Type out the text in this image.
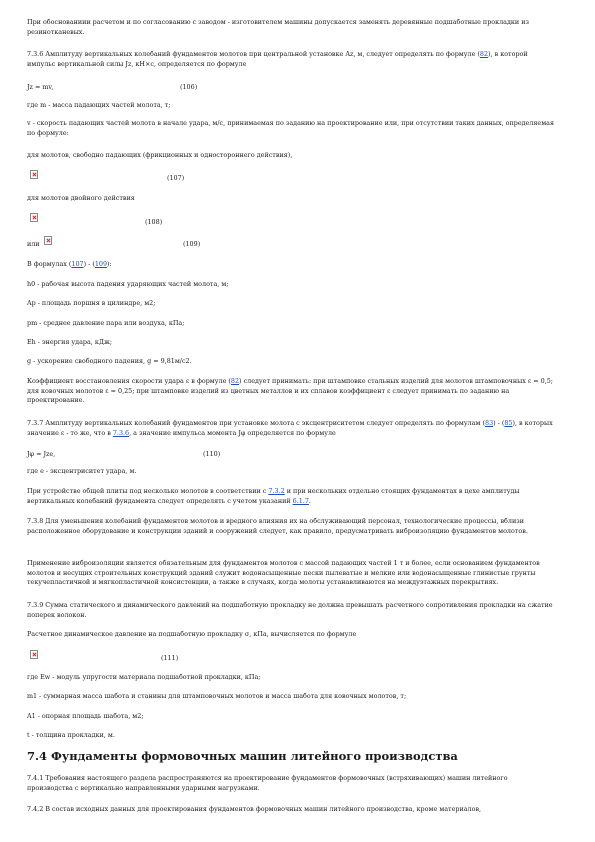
При обоснованиии расчетом и по согласованию с заводом - изготовителем машины допускается заменять деревянные подшаботные прокладки из резинотканевых.

7.3.6 Амплитуду вертикальных колебаний фундаментов молотов при центральной установке Az, м, следует определять по формуле (82), в которой импульс вертикальной силы Jz, кН×с, определяется по формуле

Jz = mv,	(106)

где m - масса падающих частей молота, т;

v - скорость падающих частей молота в начале удара, м/с, принимаемая по заданию на проектирование или, при отсутствии таких данных, определяемая по формуле:

для молотов, свободно падающих (фрикционных и одностороннего действия),

(107)

для молотов двойного действия

(108)

или	(109)

В формулах (107) - (109):

h0 - рабочая высота падения ударяющих частей молота, м;

Ap - площадь поршня в цилиндре, м2;

pm - среднее давление пара или воздуха, кПа;

Eh - энергия удара, кДж;

g - ускорение свободного падения, g = 9,81м/с2.

Коэффициент восстановления скорости удара ε в формуле (82) следует принимать: при штамповке стальных изделий для молотов штамповочных ε = 0,5; для ковочных молотов ε = 0,25; при штамповке изделий из цветных металлов и их сплавов коэффициент ε следует принимать по заданию на проектирование.

7.3.7 Амплитуду вертикальных колебаний фундаментов при установке молота с эксцентриситетом следует определять по формулам (83) - (85), в которых значение ε - то же, что в 7.3.6, а значение импульса момента Jφ определяется по формуле

Jφ = Jze,	(110)

где e - эксцентриситет удара, м.

При устройстве общей плиты под несколько молотов в соответствии с 7.3.2 и при нескольких отдельно стоящих фундаментах в цехе амплитуды вертикальных колебаний фундамента следует определять с учетом указаний 6.1.7.

7.3.8 Для уменьшения колебаний фундаментов молотов и вредного влияния их на обслуживающий персонал, технологические процессы, вблизи расположенное оборудование и конструкции зданий и сооружений следует, как правило, предусматривать виброизоляцию фундаментов молотов.

Применение виброизоляции является обязательным для фундаментов молотов с массой падающих частей 1 т и более, если основанием фундаментов молотов и несущих строительных конструкций зданий служит водонасыщенные пески пылеватые и мелкие или водонасыщенные глинистые грунты текучепластичной и мягкопластичной консистенции, а также в случаях, когда молоты устанавливаются на междуэтажных перекрытиях.

7.3.9 Сумма статического и динамического давлений на подшаботную прокладку не должна превышать расчетного сопротивления прокладки на сжатие поперек волокон.

Расчетное динамическое давление на подшаботную прокладку σ, кПа, вычисляется по формуле

(111)

где Ew - модуль упругости материала подшаботной прокладки, кПа;

m1 - суммарная масса шабота и станины для штамповочных молотов и масса шабота для ковочных молотов, т;

A1 - опорная площадь шабота, м2;

t - толщина прокладки, м.

7.4 Фундаменты формовочных машин литейного производства

7.4.1 Требования настоящего раздела распространяются на проектирование фундаментов формовочных (встряхивающих) машин литейного производства с вертикально направленными ударными нагрузками.

7.4.2 В состав исходных данных для проектирования фундаментов формовочных машин литейного производства, кроме материалов,
